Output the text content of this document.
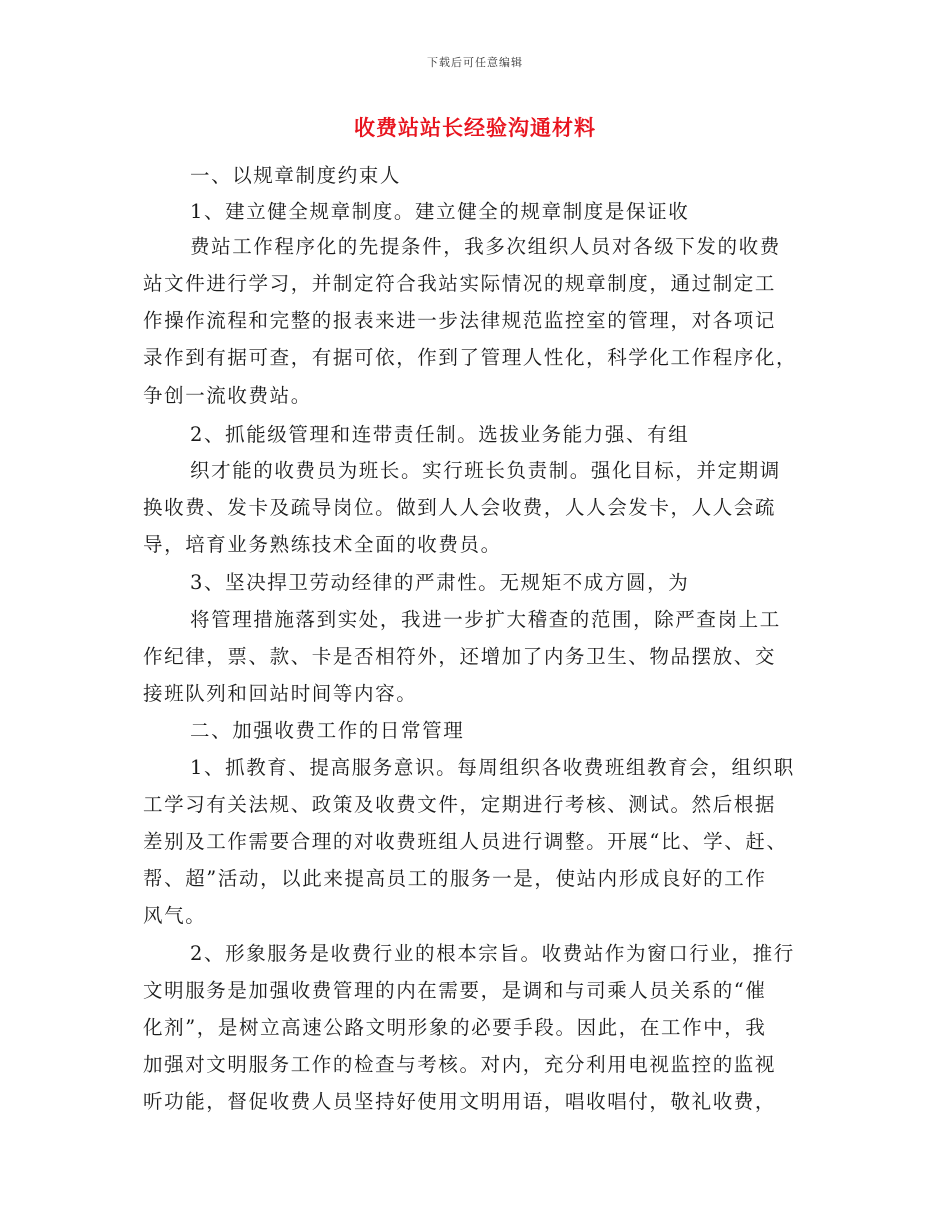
下载后可任意编辑
收费站站长经验沟通材料
一、以规章制度约束人
1、建立健全规章制度。建立健全的规章制度是保证收
费站工作程序化的先提条件，我多次组织人员对各级下发的收费
站文件进行学习，并制定符合我站实际情况的规章制度，通过制定工
作操作流程和完整的报表来进一步法律规范监控室的管理，对各项记
录作到有据可查，有据可依，作到了管理人性化，科学化工作程序化，
争创一流收费站。
2、抓能级管理和连带责任制。选拔业务能力强、有组
织才能的收费员为班长。实行班长负责制。强化目标，并定期调
换收费、发卡及疏导岗位。做到人人会收费，人人会发卡，人人会疏
导，培育业务熟练技术全面的收费员。
3、坚决捍卫劳动经律的严肃性。无规矩不成方圆，为
将管理措施落到实处，我进一步扩大稽查的范围，除严查岗上工
作纪律，票、款、卡是否相符外，还增加了内务卫生、物品摆放、交
接班队列和回站时间等内容。
二、加强收费工作的日常管理
1、抓教育、提高服务意识。每周组织各收费班组教育会，组织职
工学习有关法规、政策及收费文件，定期进行考核、测试。然后根据
差别及工作需要合理的对收费班组人员进行调整。开展“比、学、赶、
帮、超”活动，以此来提高员工的服务一是，使站内形成良好的工作
风气。
2、形象服务是收费行业的根本宗旨。收费站作为窗口行业，推行
文明服务是加强收费管理的内在需要，是调和与司乘人员关系的“催
化剂”，是树立高速公路文明形象的必要手段。因此，在工作中，我
加强对文明服务工作的检查与考核。对内，充分利用电视监控的监视
听功能，督促收费人员坚持好使用文明用语，唱收唱付，敬礼收费，
